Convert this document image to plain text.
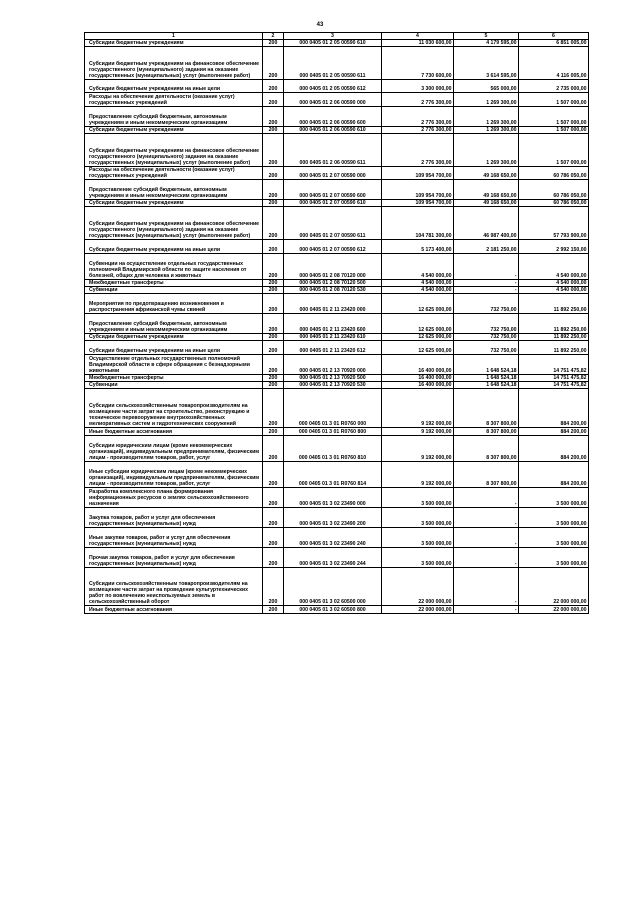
43
1	2	3	4	5	6
Субсидии бюджетным учреждениям	200	000 0405 01 2 05 00590 610	11 030 600,00	4 179 595,00	6 851 005,00
Субсидии бюджетным учреждениям на финансовое обеспечение государственного (муниципального) задания на оказание государственных (муниципальных) услуг (выполнение работ)	200	000 0405 01 2 05 00590 611	7 730 600,00	3 614 595,00	4 116 005,00
Субсидии бюджетным учреждениям на иные цели	200	000 0405 01 2 05 00590 612	3 300 000,00	565 000,00	2 735 000,00
Расходы на обеспечение деятельности (оказание услуг) государственных учреждений	200	000 0405 01 2 06 00590 000	2 776 300,00	1 269 300,00	1 507 000,00
Предоставление субсидий бюджетным, автономным учреждениям и иным некоммерческим организациям	200	000 0405 01 2 06 00590 600	2 776 300,00	1 269 300,00	1 507 000,00
Субсидии бюджетным учреждениям	200	000 0405 01 2 06 00590 610	2 776 300,00	1 269 300,00	1 507 000,00
Субсидии бюджетным учреждениям на финансовое обеспечение государственного (муниципального) задания на оказание государственных (муниципальных) услуг (выполнение работ)	200	000 0405 01 2 06 00590 611	2 776 300,00	1 269 300,00	1 507 000,00
Расходы на обеспечение деятельности (оказание услуг) государственных учреждений	200	000 0405 01 2 07 00590 000	109 954 700,00	49 168 650,00	60 786 050,00
Предоставление субсидий бюджетным, автономным учреждениям и иным некоммерческим организациям	200	000 0405 01 2 07 00590 600	109 954 700,00	49 168 650,00	60 786 050,00
Субсидии бюджетным учреждениям	200	000 0405 01 2 07 00590 610	109 954 700,00	49 168 650,00	60 786 050,00
Субсидии бюджетным учреждениям на финансовое обеспечение государственного (муниципального) задания на оказание государственных (муниципальных) услуг (выполнение работ)	200	000 0405 01 2 07 00590 611	104 781 300,00	46 987 400,00	57 793 900,00
Субсидии бюджетным учреждениям на иные цели	200	000 0405 01 2 07 00590 612	5 173 400,00	2 181 250,00	2 992 150,00
Субвенции на осуществление отдельных государственных полномочий Владимирской области по защите населения от болезней, общих для человека и животных	200	000 0405 01 2 08 70120 000	4 540 000,00	-	4 540 000,00
Межбюджетные трансферты	200	000 0405 01 2 08 70120 500	4 540 000,00	-	4 540 000,00
Субвенции	200	000 0405 01 2 08 70120 530	4 540 000,00	-	4 540 000,00
Мероприятия по предотвращению возникновения и распространения африканской чумы свиней	200	000 0405 01 2 11 23420 000	12 625 000,00	732 750,00	11 892 250,00
Предоставление субсидий бюджетным, автономным учреждениям и иным некоммерческим организациям	200	000 0405 01 2 11 23420 600	12 625 000,00	732 750,00	11 892 250,00
Субсидии бюджетным учреждениям	200	000 0405 01 2 11 23420 610	12 625 000,00	732 750,00	11 892 250,00
Субсидии бюджетным учреждениям на иные цели	200	000 0405 01 2 11 23420 612	12 625 000,00	732 750,00	11 892 250,00
Осуществление отдельных государственных полномочий Владимирской области в сфере обращения с безнадзорными животными	200	000 0405 01 2 13 70920 000	16 400 000,00	1 648 524,18	14 751 475,82
Межбюджетные трансферты	200	000 0405 01 2 13 70920 500	16 400 000,00	1 648 524,18	14 751 475,82
Субвенции	200	000 0405 01 2 13 70920 530	16 400 000,00	1 648 524,18	14 751 475,82
Субсидии сельскохозяйственным товаропроизводителям на возмещение части затрат на строительство, реконструкцию и техническое перевооружение внутрихозяйственных мелиоративных систем и гидротехнических сооружений	200	000 0405 01 3 01 R0760 000	9 192 000,00	8 307 800,00	884 200,00
Иные бюджетные ассигнования	200	000 0405 01 3 01 R0760 800	9 192 000,00	8 307 800,00	884 200,00
Субсидии юридическим лицам (кроме некоммерческих организаций), индивидуальным предпринимателям, физическим лицам - производителям товаров, работ, услуг	200	000 0405 01 3 01 R0760 810	9 192 000,00	8 307 800,00	884 200,00
Иные субсидии юридическим лицам (кроме некоммерческих организаций), индивидуальным предпринимателям, физическим лицам - производителям товаров, работ, услуг	200	000 0405 01 3 01 R0760 814	9 192 000,00	8 307 800,00	884 200,00
Разработка комплексного плана формирования информационных ресурсов о землях сельскохозяйственного назначения	200	000 0405 01 3 02 23490 000	3 500 000,00	-	3 500 000,00
Закупка товаров, работ и услуг для обеспечения государственных (муниципальных) нужд	200	000 0405 01 3 02 23490 200	3 500 000,00	-	3 500 000,00
Иные закупки товаров, работ и услуг для обеспечения государственных (муниципальных) нужд	200	000 0405 01 3 02 23490 240	3 500 000,00	-	3 500 000,00
Прочая закупка товаров, работ и услуг для обеспечения государственных (муниципальных) нужд	200	000 0405 01 3 02 23490 244	3 500 000,00	-	3 500 000,00
Субсидии сельскохозяйственным товаропроизводителям на возмещение части затрат на проведение культуртехнических работ по вовлечению неиспользуемых земель в сельскохозяйственный оборот	200	000 0405 01 3 02 60500 000	22 000 000,00	-	22 000 000,00
Иные бюджетные ассигнования	200	000 0405 01 3 02 60500 800	22 000 000,00	-	22 000 000,00
